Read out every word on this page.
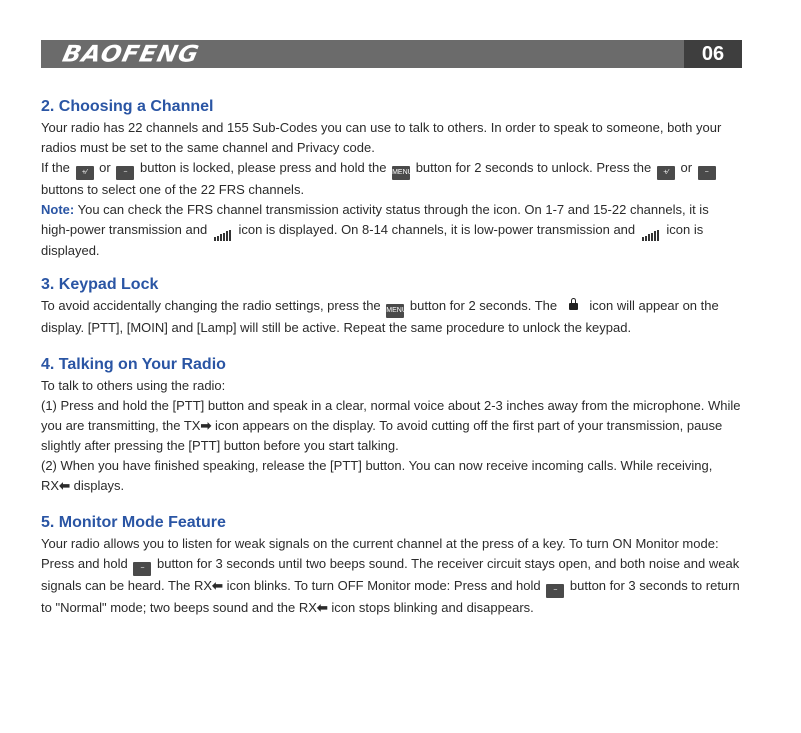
BAOFENG	06
2. Choosing a Channel

Your radio has 22 channels and 155 Sub-Codes you can use to talk to others. In order to speak to someone, both your radios must be set to the same channel and Privacy code.

If the +⁄ or − button is locked, please press and hold the MENU button for 2 seconds to unlock. Press the +⁄ or − buttons to select one of the 22 FRS channels.

Note: You can check the FRS channel transmission activity status through the icon. On 1-7 and 15-22 channels, it is high-power transmission and icon is displayed. On 8-14 channels, it is low-power transmission and icon is displayed.

3. Keypad Lock

To avoid accidentally changing the radio settings, press the MENU button for 2 seconds. The icon will appear on the display. [PTT], [MOIN] and [Lamp] will still be active. Repeat the same procedure to unlock the keypad.

4. Talking on Your Radio

To talk to others using the radio:

(1) Press and hold the [PTT] button and speak in a clear, normal voice about 2-3 inches away from the microphone. While you are transmitting, the TX➡ icon appears on the display. To avoid cutting off the first part of your transmission, pause slightly after pressing the [PTT] button before you start talking.

(2) When you have finished speaking, release the [PTT] button. You can now receive incoming calls. While receiving, RX⬅ displays.

5. Monitor Mode Feature

Your radio allows you to listen for weak signals on the current channel at the press of a key. To turn ON Monitor mode: Press and hold − button for 3 seconds until two beeps sound. The receiver circuit stays open, and both noise and weak signals can be heard. The RX⬅ icon blinks. To turn OFF Monitor mode: Press and hold − button for 3 seconds to return to "Normal" mode; two beeps sound and the RX⬅ icon stops blinking and disappears.
